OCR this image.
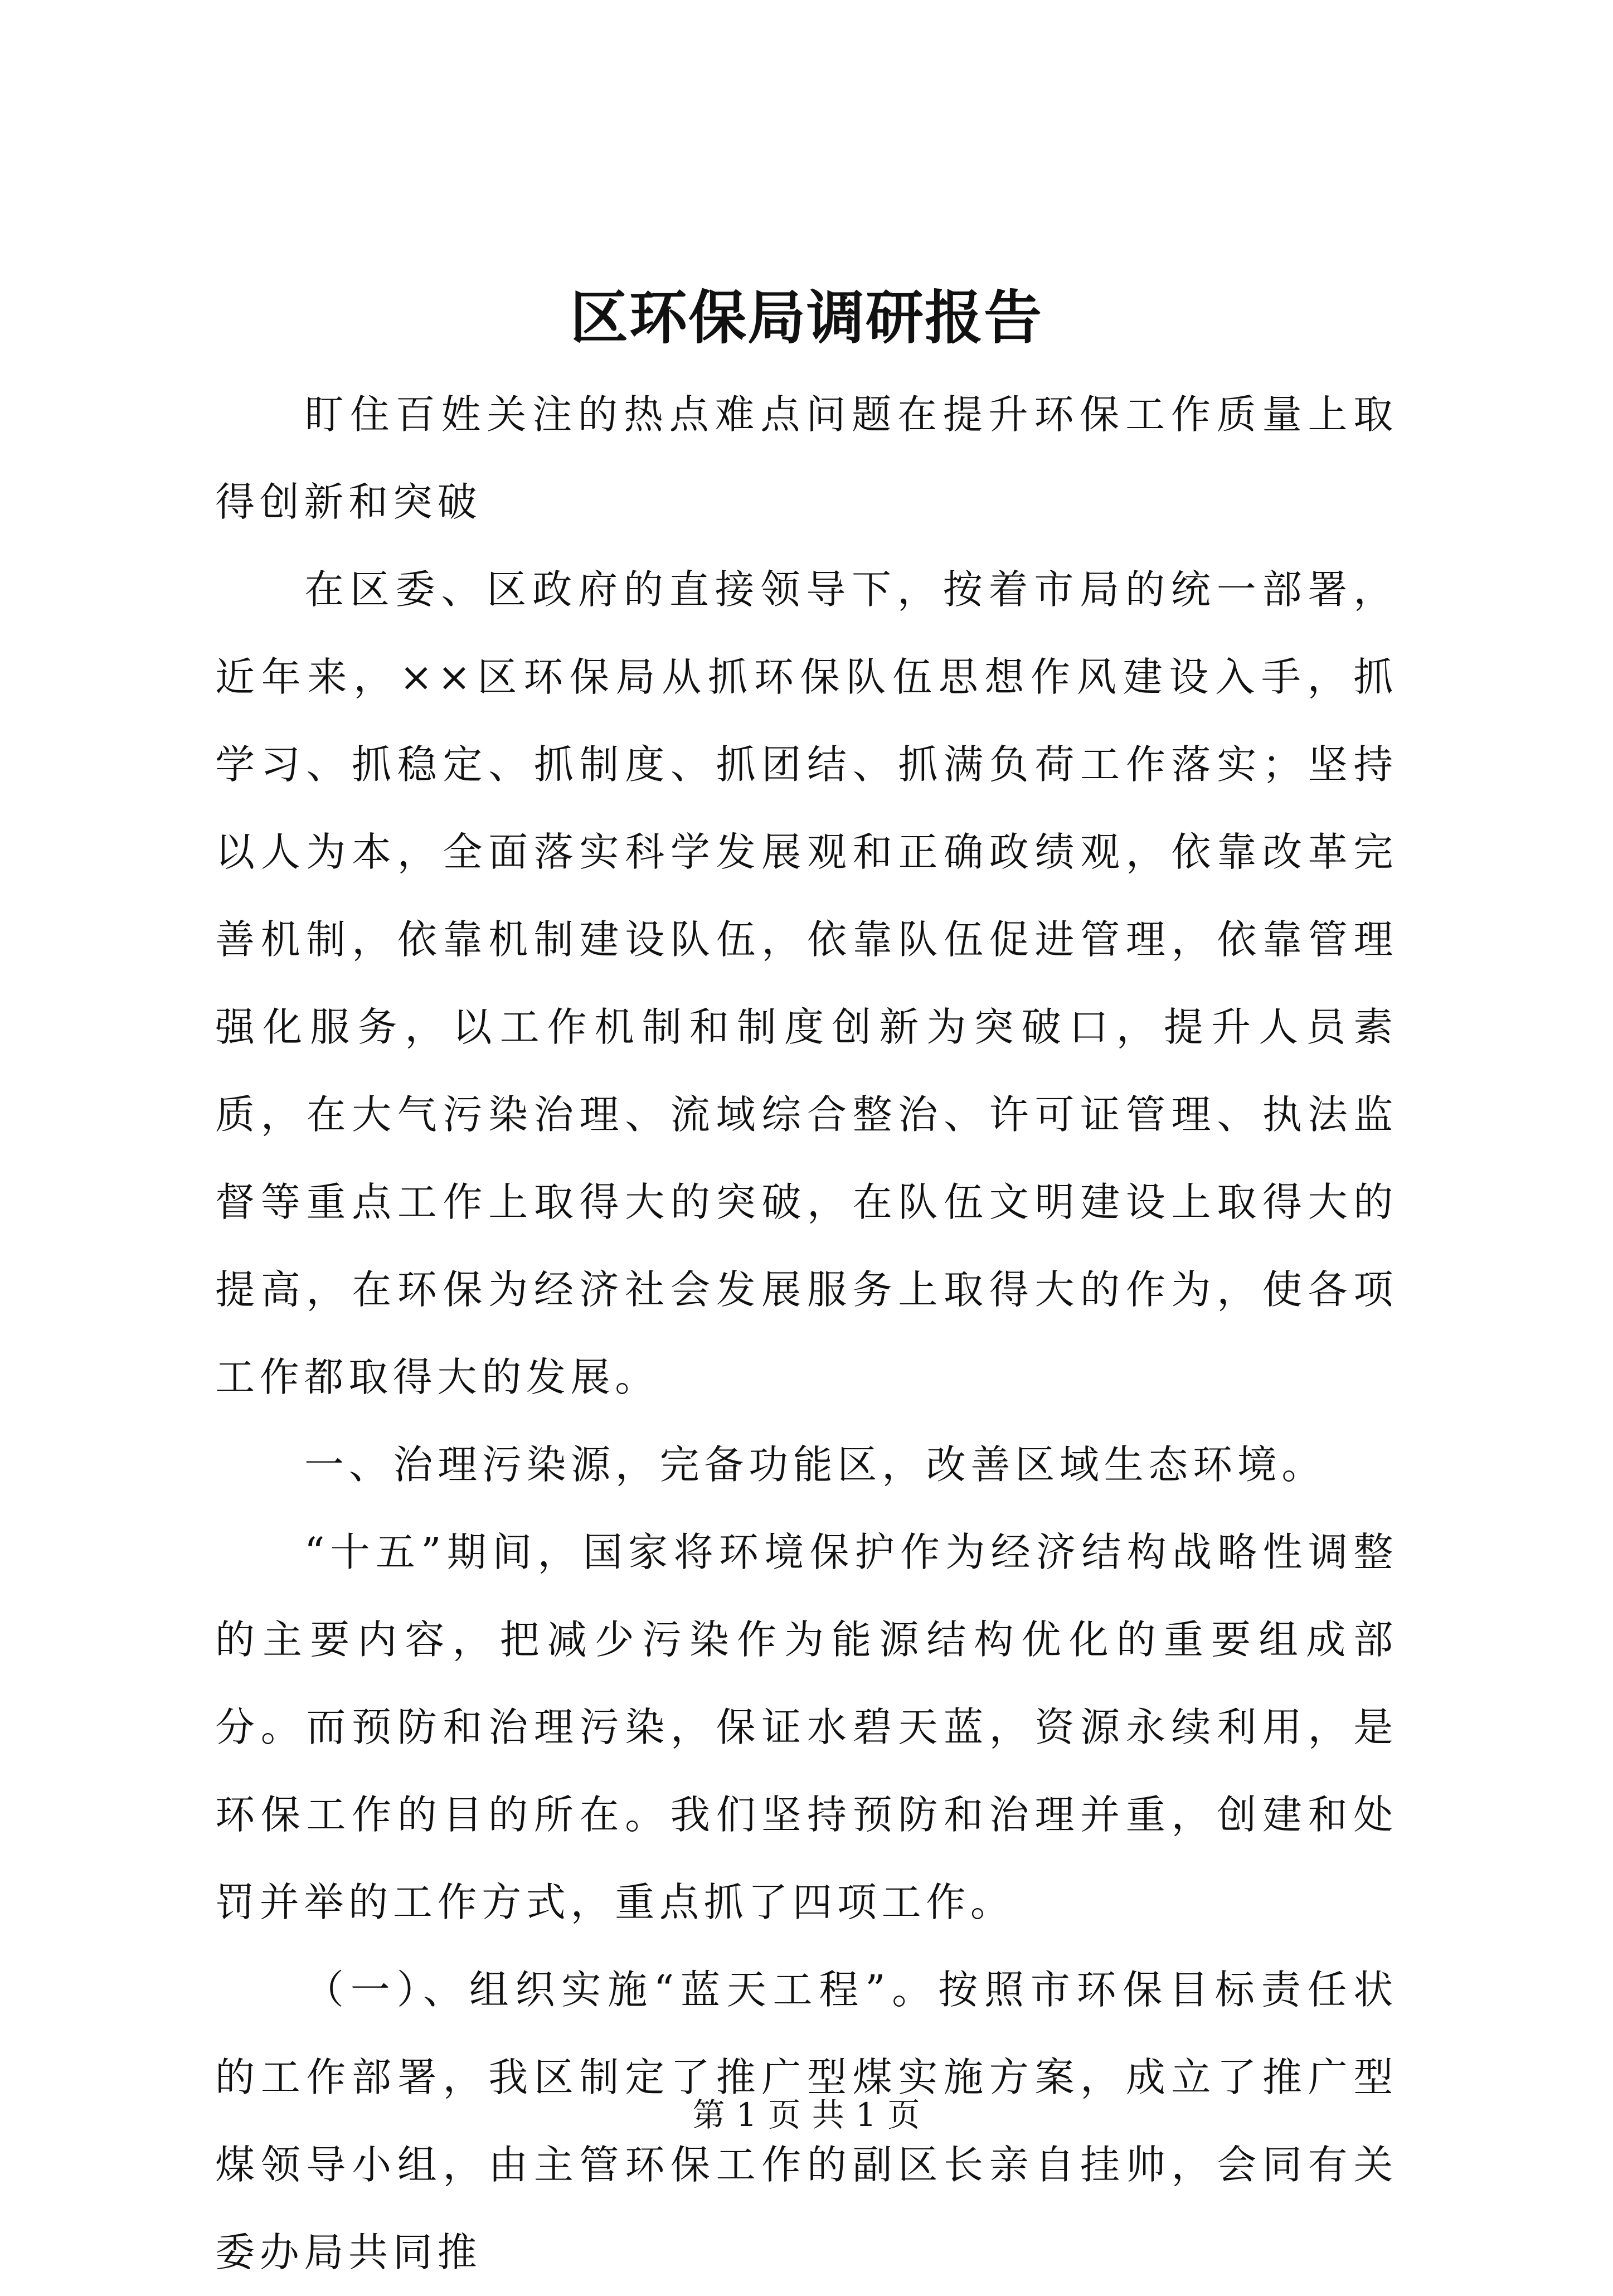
区环保局调研报告

盯住百姓关注的热点难点问题在提升环保工作质量上取得创新和突破

在区委、区政府的直接领导下，按着市局的统一部署，近年来，××区环保局从抓环保队伍思想作风建设入手，抓学习、抓稳定、抓制度、抓团结、抓满负荷工作落实；坚持以人为本，全面落实科学发展观和正确政绩观，依靠改革完善机制，依靠机制建设队伍，依靠队伍促进管理，依靠管理强化服务，以工作机制和制度创新为突破口，提升人员素质，在大气污染治理、流域综合整治、许可证管理、执法监督等重点工作上取得大的突破，在队伍文明建设上取得大的提高，在环保为经济社会发展服务上取得大的作为，使各项工作都取得大的发展。

一、治理污染源，完备功能区，改善区域生态环境。

“十五”期间，国家将环境保护作为经济结构战略性调整的主要内容，把减少污染作为能源结构优化的重要组成部分。而预防和治理污染，保证水碧天蓝，资源永续利用，是环保工作的目的所在。我们坚持预防和治理并重，创建和处罚并举的工作方式，重点抓了四项工作。

（一）、组织实施“蓝天工程”。按照市环保目标责任状的工作部署，我区制定了推广型煤实施方案，成立了推广型煤领导小组，由主管环保工作的副区长亲自挂帅，会同有关委办局共同推

第 1 页 共 1 页
